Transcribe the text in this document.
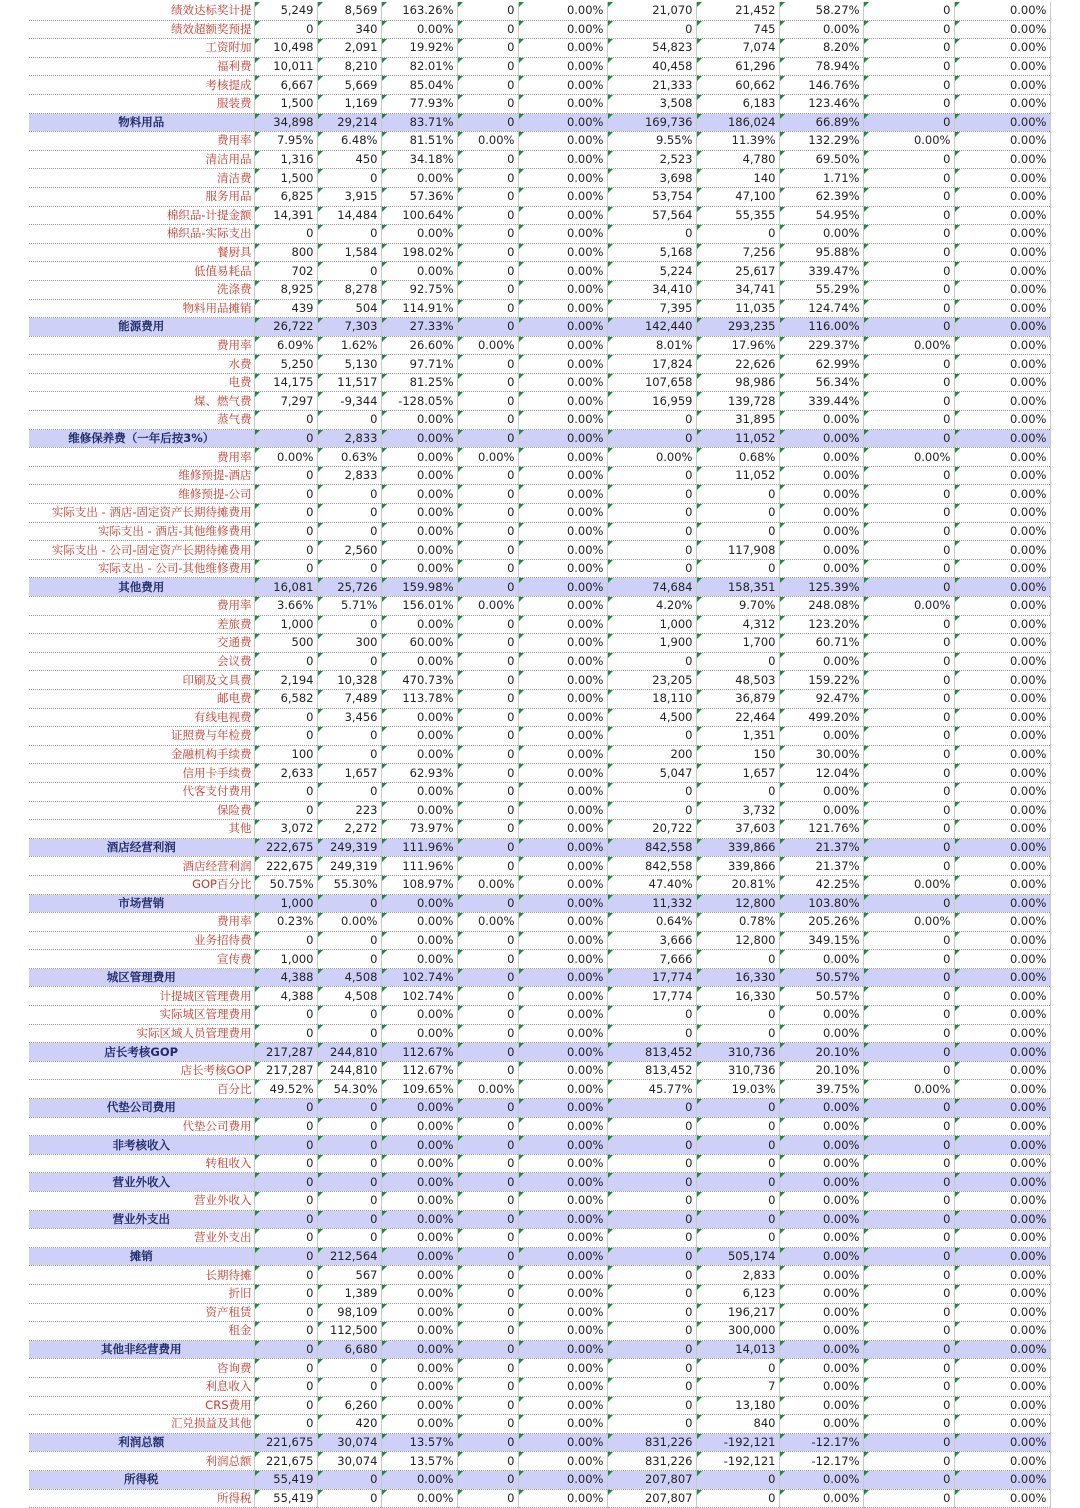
绩效达标奖计提	5,249	8,569	163.26%	0	0.00%	21,070	21,452	58.27%	0	0.00%
绩效超额奖预提	0	340	0.00%	0	0.00%	0	745	0.00%	0	0.00%
工资附加	10,498	2,091	19.92%	0	0.00%	54,823	7,074	8.20%	0	0.00%
福利费	10,011	8,210	82.01%	0	0.00%	40,458	61,296	78.94%	0	0.00%
考核提成	6,667	5,669	85.04%	0	0.00%	21,333	60,662	146.76%	0	0.00%
服装费	1,500	1,169	77.93%	0	0.00%	3,508	6,183	123.46%	0	0.00%
物料用品	34,898	29,214	83.71%	0	0.00%	169,736	186,024	66.89%	0	0.00%
费用率	7.95%	6.48%	81.51%	0.00%	0.00%	9.55%	11.39%	132.29%	0.00%	0.00%
清洁用品	1,316	450	34.18%	0	0.00%	2,523	4,780	69.50%	0	0.00%
清洁费	1,500	0	0.00%	0	0.00%	3,698	140	1.71%	0	0.00%
服务用品	6,825	3,915	57.36%	0	0.00%	53,754	47,100	62.39%	0	0.00%
棉织品-计提金额	14,391	14,484	100.64%	0	0.00%	57,564	55,355	54.95%	0	0.00%
棉织品-实际支出	0	0	0.00%	0	0.00%	0	0	0.00%	0	0.00%
餐厨具	800	1,584	198.02%	0	0.00%	5,168	7,256	95.88%	0	0.00%
低值易耗品	702	0	0.00%	0	0.00%	5,224	25,617	339.47%	0	0.00%
洗涤费	8,925	8,278	92.75%	0	0.00%	34,410	34,741	55.29%	0	0.00%
物料用品摊销	439	504	114.91%	0	0.00%	7,395	11,035	124.74%	0	0.00%
能源费用	26,722	7,303	27.33%	0	0.00%	142,440	293,235	116.00%	0	0.00%
费用率	6.09%	1.62%	26.60%	0.00%	0.00%	8.01%	17.96%	229.37%	0.00%	0.00%
水费	5,250	5,130	97.71%	0	0.00%	17,824	22,626	62.99%	0	0.00%
电费	14,175	11,517	81.25%	0	0.00%	107,658	98,986	56.34%	0	0.00%
煤、燃气费	7,297	-9,344	-128.05%	0	0.00%	16,959	139,728	339.44%	0	0.00%
蒸气费	0	0	0.00%	0	0.00%	0	31,895	0.00%	0	0.00%
维修保养费（一年后按3%）	0	2,833	0.00%	0	0.00%	0	11,052	0.00%	0	0.00%
费用率	0.00%	0.63%	0.00%	0.00%	0.00%	0.00%	0.68%	0.00%	0.00%	0.00%
维修预提-酒店	0	2,833	0.00%	0	0.00%	0	11,052	0.00%	0	0.00%
维修预提-公司	0	0	0.00%	0	0.00%	0	0	0.00%	0	0.00%
实际支出 - 酒店-固定资产长期待摊费用	0	0	0.00%	0	0.00%	0	0	0.00%	0	0.00%
实际支出 - 酒店-其他维修费用	0	0	0.00%	0	0.00%	0	0	0.00%	0	0.00%
实际支出 - 公司-固定资产长期待摊费用	0	2,560	0.00%	0	0.00%	0	117,908	0.00%	0	0.00%
实际支出 - 公司-其他维修费用	0	0	0.00%	0	0.00%	0	0	0.00%	0	0.00%
其他费用	16,081	25,726	159.98%	0	0.00%	74,684	158,351	125.39%	0	0.00%
费用率	3.66%	5.71%	156.01%	0.00%	0.00%	4.20%	9.70%	248.08%	0.00%	0.00%
差旅费	1,000	0	0.00%	0	0.00%	1,000	4,312	123.20%	0	0.00%
交通费	500	300	60.00%	0	0.00%	1,900	1,700	60.71%	0	0.00%
会议费	0	0	0.00%	0	0.00%	0	0	0.00%	0	0.00%
印刷及文具费	2,194	10,328	470.73%	0	0.00%	23,205	48,503	159.22%	0	0.00%
邮电费	6,582	7,489	113.78%	0	0.00%	18,110	36,879	92.47%	0	0.00%
有线电视费	0	3,456	0.00%	0	0.00%	4,500	22,464	499.20%	0	0.00%
证照费与年检费	0	0	0.00%	0	0.00%	0	1,351	0.00%	0	0.00%
金融机构手续费	100	0	0.00%	0	0.00%	200	150	30.00%	0	0.00%
信用卡手续费	2,633	1,657	62.93%	0	0.00%	5,047	1,657	12.04%	0	0.00%
代客支付费用	0	0	0.00%	0	0.00%	0	0	0.00%	0	0.00%
保险费	0	223	0.00%	0	0.00%	0	3,732	0.00%	0	0.00%
其他	3,072	2,272	73.97%	0	0.00%	20,722	37,603	121.76%	0	0.00%
酒店经营利润	222,675	249,319	111.96%	0	0.00%	842,558	339,866	21.37%	0	0.00%
酒店经营利润	222,675	249,319	111.96%	0	0.00%	842,558	339,866	21.37%	0	0.00%
GOP百分比	50.75%	55.30%	108.97%	0.00%	0.00%	47.40%	20.81%	42.25%	0.00%	0.00%
市场营销	1,000	0	0.00%	0	0.00%	11,332	12,800	103.80%	0	0.00%
费用率	0.23%	0.00%	0.00%	0.00%	0.00%	0.64%	0.78%	205.26%	0.00%	0.00%
业务招待费	0	0	0.00%	0	0.00%	3,666	12,800	349.15%	0	0.00%
宣传费	1,000	0	0.00%	0	0.00%	7,666	0	0.00%	0	0.00%
城区管理费用	4,388	4,508	102.74%	0	0.00%	17,774	16,330	50.57%	0	0.00%
计提城区管理费用	4,388	4,508	102.74%	0	0.00%	17,774	16,330	50.57%	0	0.00%
实际城区管理费用	0	0	0.00%	0	0.00%	0	0	0.00%	0	0.00%
实际区域人员管理费用	0	0	0.00%	0	0.00%	0	0	0.00%	0	0.00%
店长考核GOP	217,287	244,810	112.67%	0	0.00%	813,452	310,736	20.10%	0	0.00%
店长考核GOP	217,287	244,810	112.67%	0	0.00%	813,452	310,736	20.10%	0	0.00%
百分比	49.52%	54.30%	109.65%	0.00%	0.00%	45.77%	19.03%	39.75%	0.00%	0.00%
代垫公司费用	0	0	0.00%	0	0.00%	0	0	0.00%	0	0.00%
代垫公司费用	0	0	0.00%	0	0.00%	0	0	0.00%	0	0.00%
非考核收入	0	0	0.00%	0	0.00%	0	0	0.00%	0	0.00%
转租收入	0	0	0.00%	0	0.00%	0	0	0.00%	0	0.00%
营业外收入	0	0	0.00%	0	0.00%	0	0	0.00%	0	0.00%
营业外收入	0	0	0.00%	0	0.00%	0	0	0.00%	0	0.00%
营业外支出	0	0	0.00%	0	0.00%	0	0	0.00%	0	0.00%
营业外支出	0	0	0.00%	0	0.00%	0	0	0.00%	0	0.00%
摊销	0	212,564	0.00%	0	0.00%	0	505,174	0.00%	0	0.00%
长期待摊	0	567	0.00%	0	0.00%	0	2,833	0.00%	0	0.00%
折旧	0	1,389	0.00%	0	0.00%	0	6,123	0.00%	0	0.00%
资产租赁	0	98,109	0.00%	0	0.00%	0	196,217	0.00%	0	0.00%
租金	0	112,500	0.00%	0	0.00%	0	300,000	0.00%	0	0.00%
其他非经营费用	0	6,680	0.00%	0	0.00%	0	14,013	0.00%	0	0.00%
咨询费	0	0	0.00%	0	0.00%	0	0	0.00%	0	0.00%
利息收入	0	0	0.00%	0	0.00%	0	7	0.00%	0	0.00%
CRS费用	0	6,260	0.00%	0	0.00%	0	13,180	0.00%	0	0.00%
汇兑损益及其他	0	420	0.00%	0	0.00%	0	840	0.00%	0	0.00%
利润总额	221,675	30,074	13.57%	0	0.00%	831,226	-192,121	-12.17%	0	0.00%
利润总额	221,675	30,074	13.57%	0	0.00%	831,226	-192,121	-12.17%	0	0.00%
所得税	55,419	0	0.00%	0	0.00%	207,807	0	0.00%	0	0.00%
所得税	55,419	0	0.00%	0	0.00%	207,807	0	0.00%	0	0.00%
